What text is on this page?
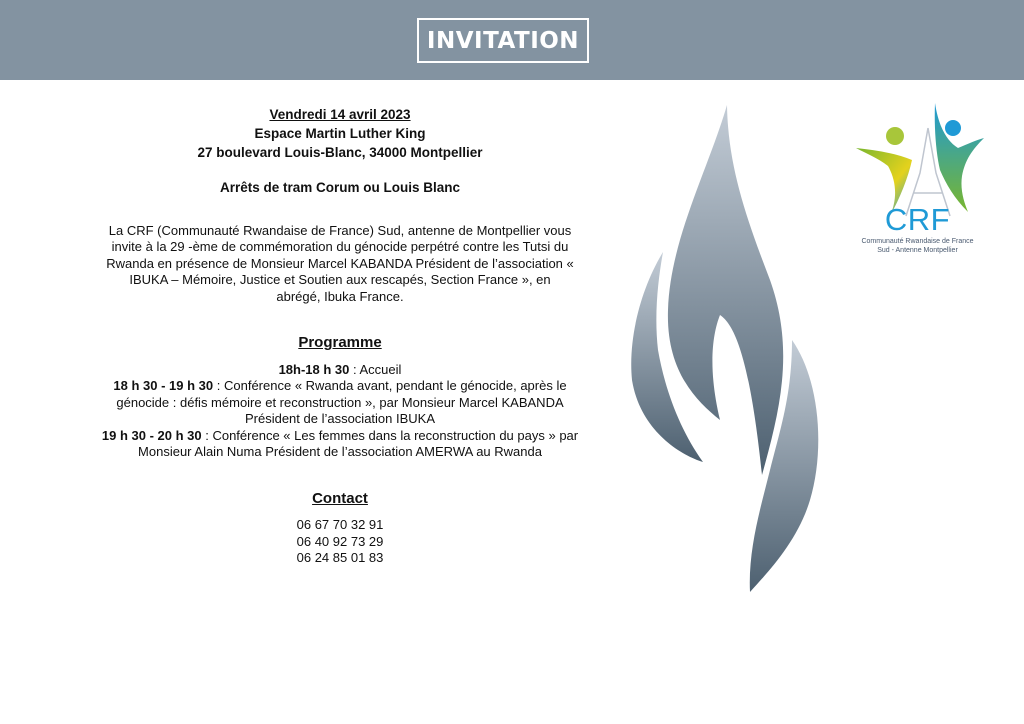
INVITATION
Vendredi 14 avril 2023
Espace Martin Luther King
27 boulevard Louis-Blanc, 34000 Montpellier
Arrêts de tram Corum ou Louis Blanc

La CRF (Communauté Rwandaise de France) Sud, antenne de Montpellier vous invite à la 29 -ème de commémoration du génocide perpétré contre les Tutsi du Rwanda en présence de Monsieur Marcel KABANDA Président de l’association « IBUKA – Mémoire, Justice et Soutien aux rescapés, Section France », en abrégé, Ibuka France.

Programme
18h-18 h 30 : Accueil
18 h 30 - 19 h 30 : Conférence « Rwanda avant, pendant le génocide, après le génocide : défis mémoire et reconstruction », par Monsieur Marcel KABANDA Président de l’association IBUKA
19 h 30 - 20 h 30 : Conférence « Les femmes dans la reconstruction du pays » par Monsieur Alain Numa Président de l’association AMERWA au Rwanda
Contact
06 67 70 32 91
06 40 92 73 29
06 24 85 01 83
CRF
Communauté Rwandaise de France
Sud - Antenne Montpellier
